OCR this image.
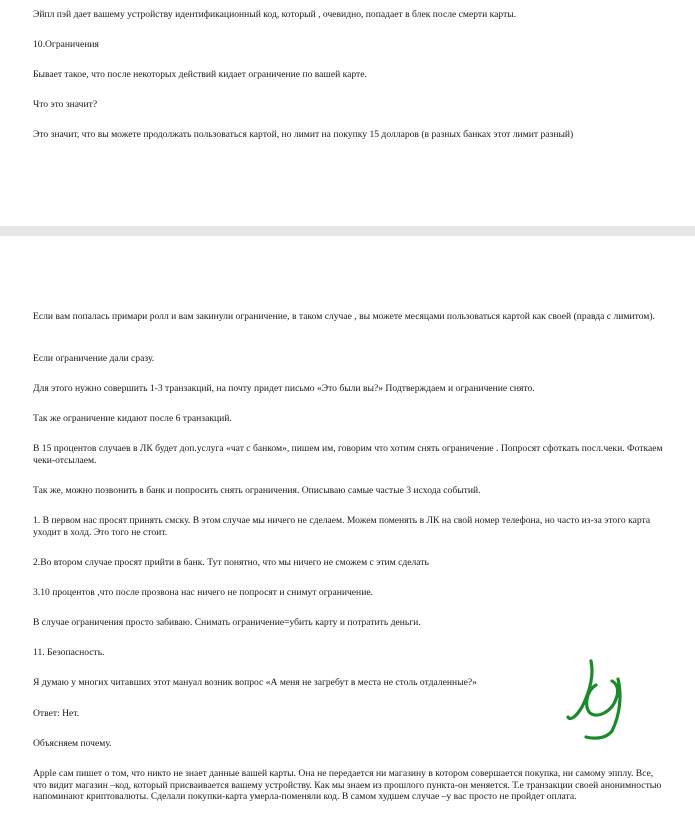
Эйпл пэй дает вашему устройству идентификационный код, который , очевидно, попадает в блек после смерти карты.

10.Ограничения

Бывает такое, что после некоторых действий кидает ограничение по вашей карте.

Что это значит?

Это значит, что вы можете продолжать пользоваться картой, но лимит на покупку 15 долларов (в разных банках этот лимит разный)

Если вам попалась примари ролл и вам закинули ограничение, в таком случае , вы можете месяцами пользоваться картой как своей (правда с лимитом).

Если ограничение дали сразу.

Для этого нужно совершить 1-3 транзакций, на почту придет письмо «Это были вы?» Подтверждаем и ограничение снято.

Так же ограничение кидают после 6 транзакций.

В 15 процентов случаев в ЛК будет доп.услуга «чат с банком», пишем им, говорим что хотим снять ограничение . Попросят сфоткать посл.чеки. Фоткаем чеки-отсылаем.

Так же, можно позвонить в банк и попросить снять ограничения. Описываю самые частые 3 исхода событий.

1. В первом нас просят принять смску. В этом случае мы ничего не сделаем. Можем поменять в ЛК на свой номер телефона, но часто из-за этого карта уходит в холд. Это того не стоит.

2.Во втором случае просят прийти в банк. Тут понятно, что мы ничего не сможем с этим сделать

3.10 процентов ,что после прозвона нас ничего не попросят и снимут ограничение.

В случае ограничения просто забиваю. Снимать ограничение=убить карту и потратить деньги.

11. Безопасность.

Я думаю у многих читавших этот мануал возник вопрос «А меня не загребут в места не столь отдаленные?»

Ответ: Нет.

Объясняем почему.

Apple сам пишет о том, что никто не знает данные вашей карты. Она не передается ни магазину в котором совершается покупка, ни самому эпплу. Все, что видит магазин –код, который присваивается вашему устройству. Как мы знаем из прошлого пункта-он меняется. Т.е транзакции своей анонимностью напоминают криптовалюты. Сделали покупки-карта умерла-поменяли код. В самом худшем случае –у вас просто не пройдет оплата.
